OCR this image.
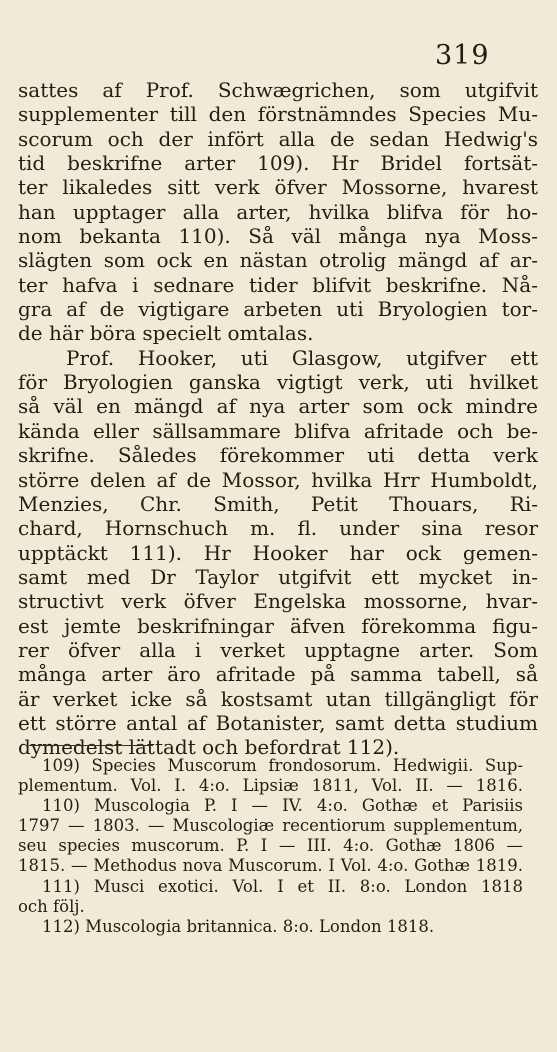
319
sattes af Prof. Schwægrichen, som utgifvit
supplementer till den förstnämndes Species Mu-
scorum och der infört alla de sedan Hedwig's
tid beskrifne arter 109). Hr Bridel fortsät-
ter likaledes sitt verk öfver Mossorne, hvarest
han upptager alla arter, hvilka blifva för ho-
nom bekanta 110). Så väl många nya Moss-
slägten som ock en nästan otrolig mängd af ar-
ter hafva i sednare tider blifvit beskrifne. Nå-
gra af de vigtigare arbeten uti Bryologien tor-
de här böra specielt omtalas.
Prof. Hooker, uti Glasgow, utgifver ett
för Bryologien ganska vigtigt verk, uti hvilket
så väl en mängd af nya arter som ock mindre
kända eller sällsammare blifva afritade och be-
skrifne. Således förekommer uti detta verk
större delen af de Mossor, hvilka Hrr Humboldt,
Menzies, Chr. Smith, Petit Thouars, Ri-
chard, Hornschuch m. fl. under sina resor
upptäckt 111). Hr Hooker har ock gemen-
samt med Dr Taylor utgifvit ett mycket in-
structivt verk öfver Engelska mossorne, hvar-
est jemte beskrifningar äfven förekomma figu-
rer öfver alla i verket upptagne arter. Som
många arter äro afritade på samma tabell, så
är verket icke så kostsamt utan tillgängligt för
ett större antal af Botanister, samt detta studium
dymedelst lättadt och befordrat 112).
109) Species Muscorum frondosorum. Hedwigii. Sup-
plementum. Vol. I. 4:o. Lipsiæ 1811, Vol. II. — 1816.
110) Muscologia P. I — IV. 4:o. Gothæ et Parisiis
1797 — 1803. — Muscologiæ recentiorum supplementum,
seu species muscorum. P. I — III. 4:o. Gothæ 1806 —
1815. — Methodus nova Muscorum. I Vol. 4:o. Gothæ 1819.
111) Musci exotici. Vol. I et II. 8:o. London 1818
och följ.
112) Muscologia britannica. 8:o. London 1818.
